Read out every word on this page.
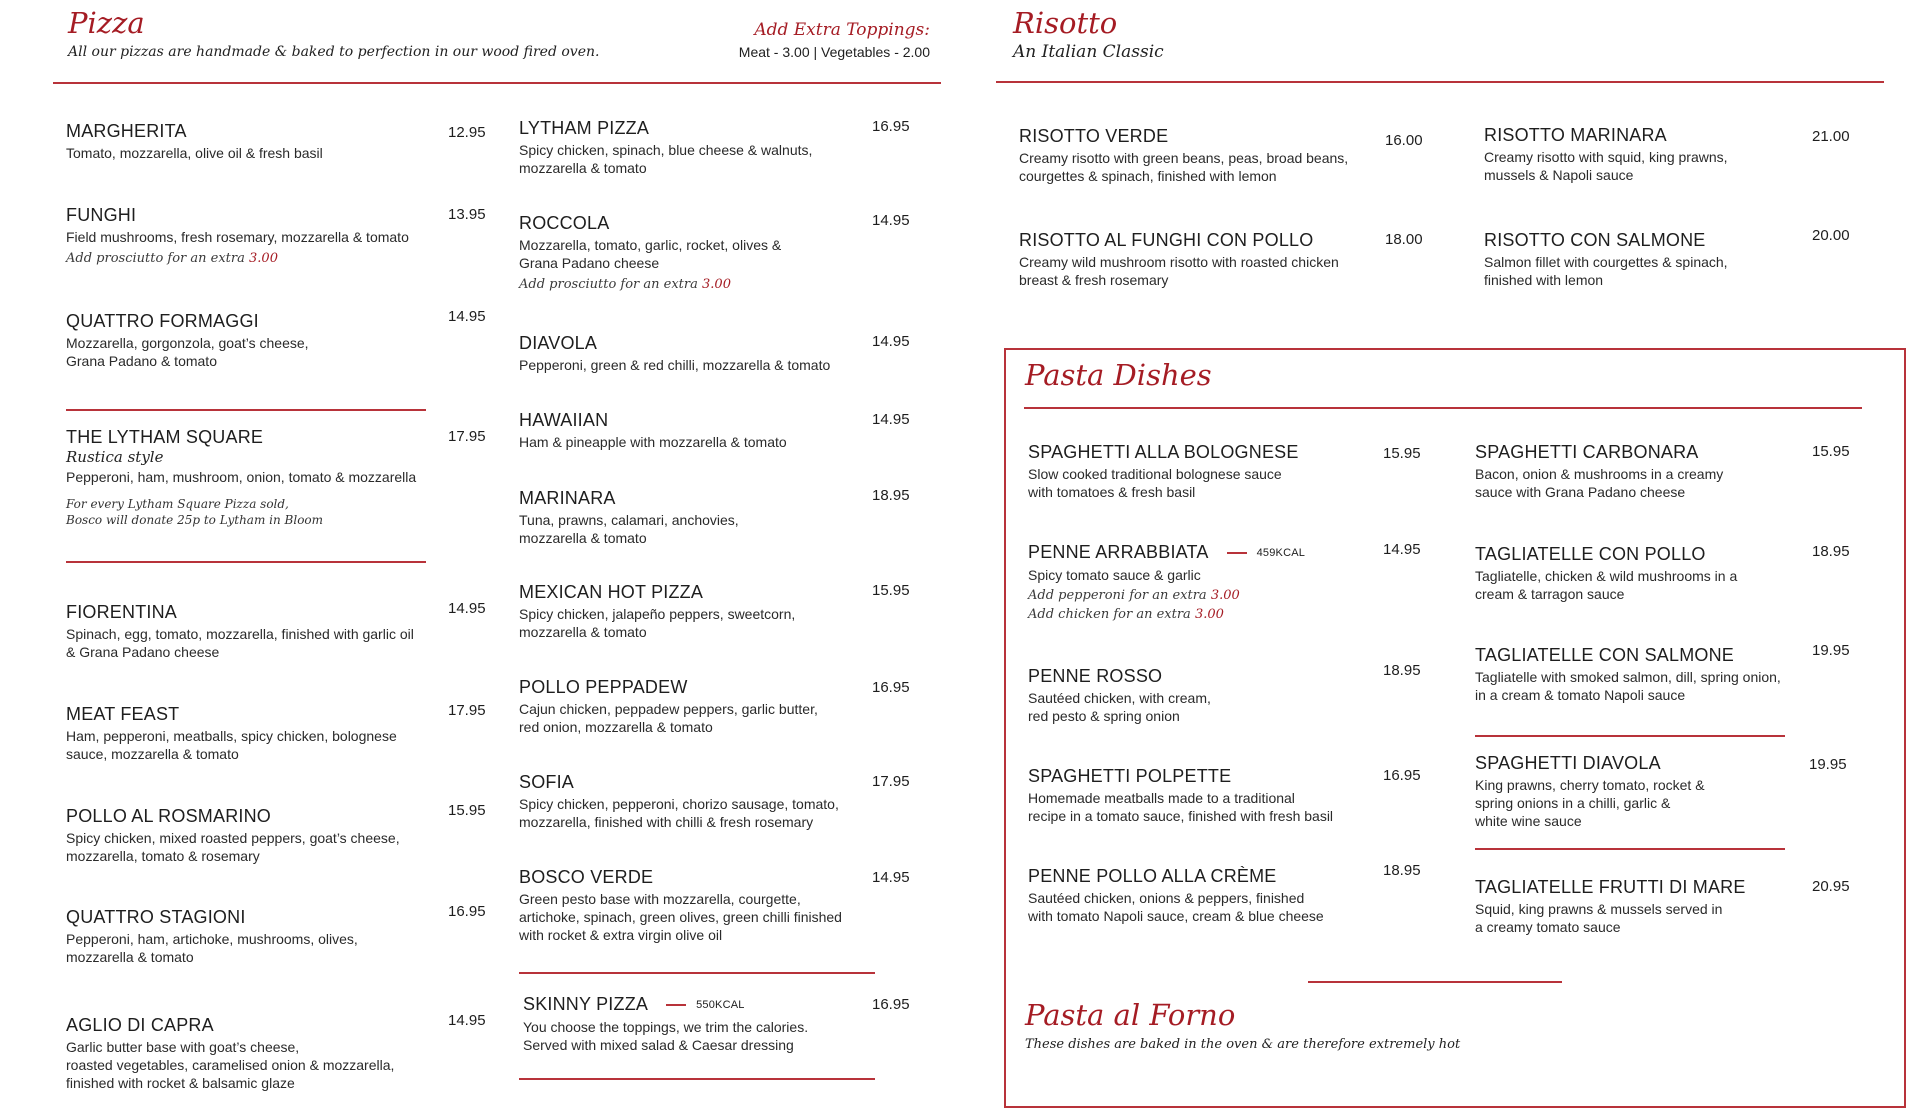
Pizza
All our pizzas are handmade & baked to perfection in our wood fired oven.
Add Extra Toppings:
Meat - 3.00 | Vegetables - 2.00
MARGHERITA
Tomato, mozzarella, olive oil & fresh basil
12.95
FUNGHI
Field mushrooms, fresh rosemary, mozzarella & tomato
Add prosciutto for an extra 3.00
13.95
QUATTRO FORMAGGI
Mozzarella, gorgonzola, goat’s cheese,
Grana Padano & tomato
14.95
THE LYTHAM SQUARE
Rustica style
Pepperoni, ham, mushroom, onion, tomato & mozzarella
For every Lytham Square Pizza sold,
Bosco will donate 25p to Lytham in Bloom
17.95
FIORENTINA
Spinach, egg, tomato, mozzarella, finished with garlic oil
& Grana Padano cheese
14.95
MEAT FEAST
Ham, pepperoni, meatballs, spicy chicken, bolognese
sauce, mozzarella & tomato
17.95
POLLO AL ROSMARINO
Spicy chicken, mixed roasted peppers, goat’s cheese,
mozzarella, tomato & rosemary
15.95
QUATTRO STAGIONI
Pepperoni, ham, artichoke, mushrooms, olives,
mozzarella & tomato
16.95
AGLIO DI CAPRA
Garlic butter base with goat’s cheese,
roasted vegetables, caramelised onion & mozzarella,
finished with rocket & balsamic glaze
14.95
LYTHAM PIZZA
Spicy chicken, spinach, blue cheese & walnuts,
mozzarella & tomato
16.95
ROCCOLA
Mozzarella, tomato, garlic, rocket, olives &
Grana Padano cheese
Add prosciutto for an extra 3.00
14.95
DIAVOLA
Pepperoni, green & red chilli, mozzarella & tomato
14.95
HAWAIIAN
Ham & pineapple with mozzarella & tomato
14.95
MARINARA
Tuna, prawns, calamari, anchovies,
mozzarella & tomato
18.95
MEXICAN HOT PIZZA
Spicy chicken, jalapeño peppers, sweetcorn,
mozzarella & tomato
15.95
POLLO PEPPADEW
Cajun chicken, peppadew peppers, garlic butter,
red onion, mozzarella & tomato
16.95
SOFIA
Spicy chicken, pepperoni, chorizo sausage, tomato,
mozzarella, finished with chilli & fresh rosemary
17.95
BOSCO VERDE
Green pesto base with mozzarella, courgette,
artichoke, spinach, green olives, green chilli finished
with rocket & extra virgin olive oil
14.95
SKINNY PIZZA	550KCAL
You choose the toppings, we trim the calories.
Served with mixed salad & Caesar dressing
16.95
Risotto
An Italian Classic
RISOTTO VERDE
Creamy risotto with green beans, peas, broad beans,
courgettes & spinach, finished with lemon
16.00	RISOTTO MARINARA
Creamy risotto with squid, king prawns,
mussels & Napoli sauce
21.00
RISOTTO AL FUNGHI CON POLLO
Creamy wild mushroom risotto with roasted chicken
breast & fresh rosemary
18.00	RISOTTO CON SALMONE
Salmon fillet with courgettes & spinach,
finished with lemon
20.00
Pasta Dishes
SPAGHETTI ALLA BOLOGNESE
Slow cooked traditional bolognese sauce
with tomatoes & fresh basil
15.95
PENNE ARRABBIATA	459KCAL
Spicy tomato sauce & garlic
Add pepperoni for an extra 3.00
Add chicken for an extra 3.00
14.95
PENNE ROSSO
Sautéed chicken, with cream,
red pesto & spring onion
18.95
SPAGHETTI POLPETTE
Homemade meatballs made to a traditional
recipe in a tomato sauce, finished with fresh basil
16.95
PENNE POLLO ALLA CRÈME
Sautéed chicken, onions & peppers, finished
with tomato Napoli sauce, cream & blue cheese
18.95
SPAGHETTI CARBONARA
Bacon, onion & mushrooms in a creamy
sauce with Grana Padano cheese
15.95
TAGLIATELLE CON POLLO
Tagliatelle, chicken & wild mushrooms in a
cream & tarragon sauce
18.95
TAGLIATELLE CON SALMONE
Tagliatelle with smoked salmon, dill, spring onion,
in a cream & tomato Napoli sauce
19.95
SPAGHETTI DIAVOLA
King prawns, cherry tomato, rocket &
spring onions in a chilli, garlic &
white wine sauce
19.95
TAGLIATELLE FRUTTI DI MARE
Squid, king prawns & mussels served in
a creamy tomato sauce
20.95
Pasta al Forno
These dishes are baked in the oven & are therefore extremely hot
